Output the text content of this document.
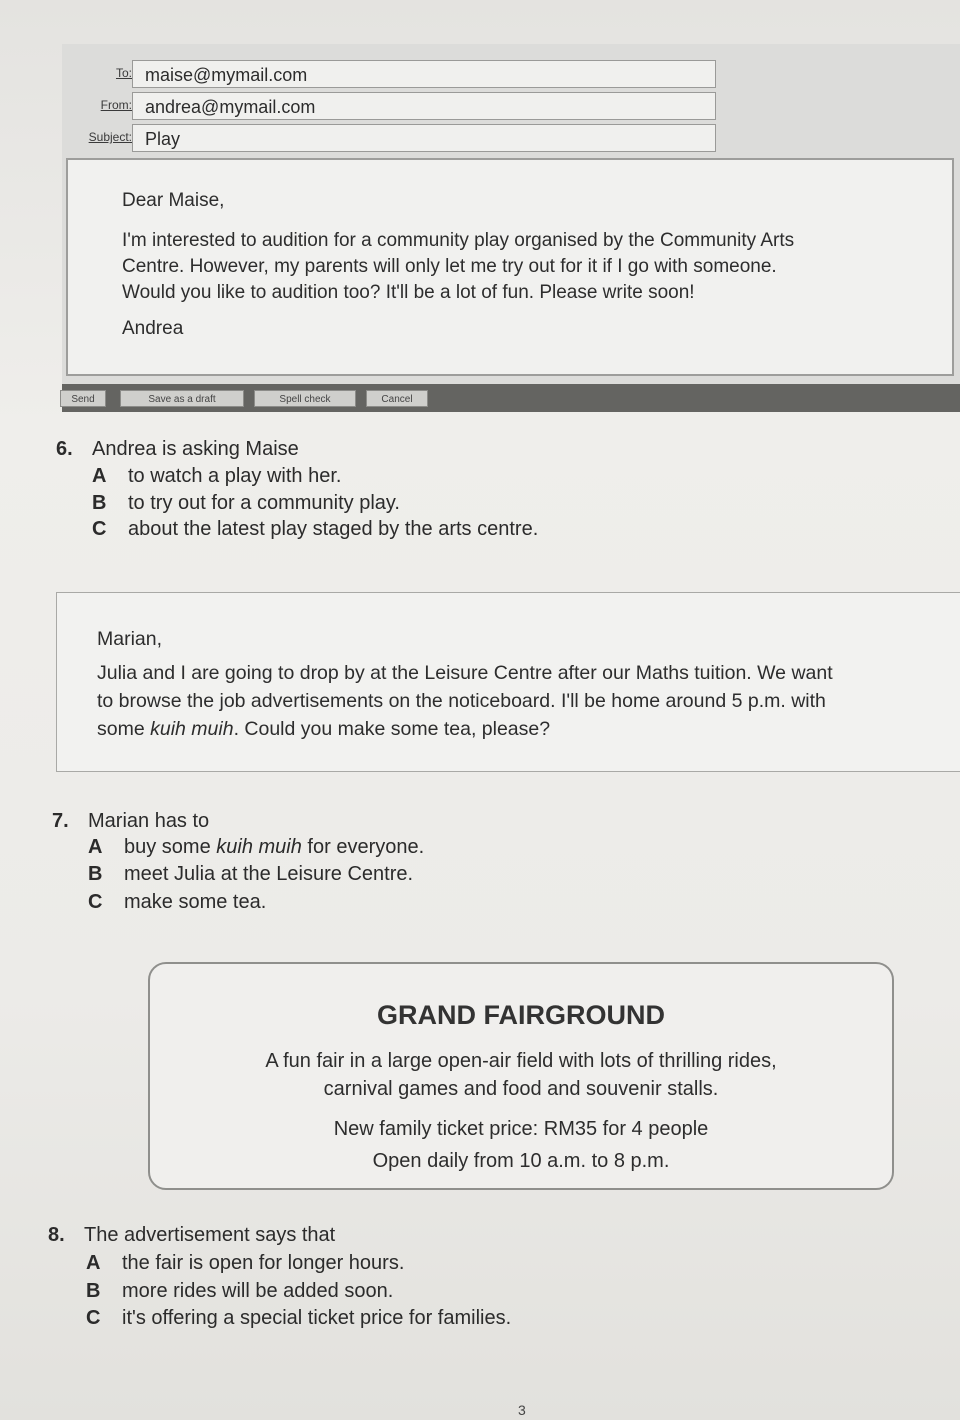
To: maise@mymail.com
From: andrea@mymail.com
Subject: Play

Dear Maise,

I'm interested to audition for a community play organised by the Community Arts

Centre. However, my parents will only let me try out for it if I go with someone.

Would you like to audition too? It'll be a lot of fun. Please write soon!

Andrea

Send	Save as a draft	Spell check	Cancel
6. Andrea is asking Maise
A to watch a play with her.
B to try out for a community play.
C about the latest play staged by the arts centre.

Marian,

Julia and I are going to drop by at the Leisure Centre after our Maths tuition. We want

to browse the job advertisements on the noticeboard. I'll be home around 5 p.m. with

some kuih muih. Could you make some tea, please?

7. Marian has to
A buy some kuih muih for everyone.
B meet Julia at the Leisure Centre.
C make some tea.
GRAND FAIRGROUND
A fun fair in a large open-air field with lots of thrilling rides,
carnival games and food and souvenir stalls.
New family ticket price: RM35 for 4 people
Open daily from 10 a.m. to 8 p.m.
8. The advertisement says that
A the fair is open for longer hours.
B more rides will be added soon.
C it's offering a special ticket price for families.
3
